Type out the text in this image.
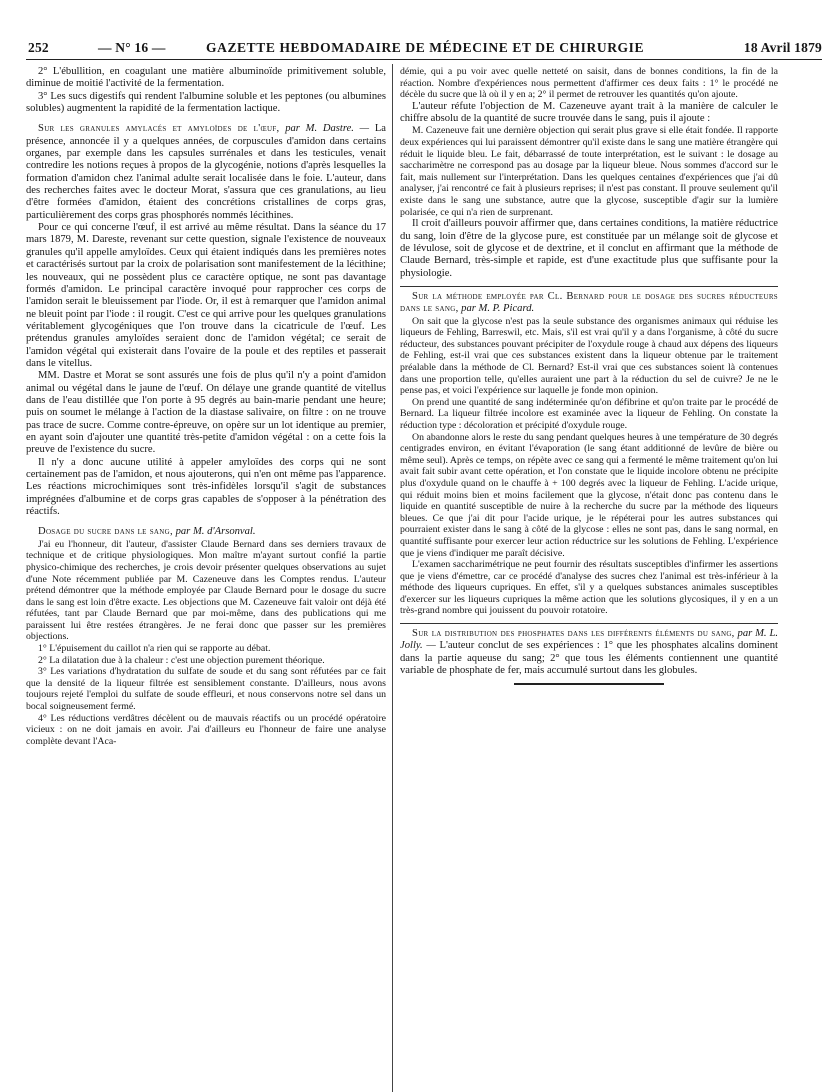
252	— N° 16 —	GAZETTE HEBDOMADAIRE DE MÉDECINE ET DE CHIRURGIE	18 Avril 1879

2° L'ébullition, en coagulant une matière albuminoïde primitivement soluble, diminue de moitié l'activité de la fermentation.

3° Les sucs digestifs qui rendent l'albumine soluble et les peptones (ou albumines solubles) augmentent la rapidité de la fermentation lactique.

Sur les granules amylacés et amyloïdes de l'œuf, par M. Dastre. — La présence, annoncée il y a quelques années, de corpuscules d'amidon dans certains organes, par exemple dans les capsules surrénales et dans les testicules, venait contredire les notions reçues à propos de la glycogénie, notions d'après lesquelles la formation d'amidon chez l'animal adulte serait localisée dans le foie. L'auteur, dans des recherches faites avec le docteur Morat, s'assura que ces granulations, au lieu d'être formées d'amidon, étaient des concrétions cristallines de corps gras, particulièrement des corps gras phosphorés nommés lécithines.

Pour ce qui concerne l'œuf, il est arrivé au même résultat. Dans la séance du 17 mars 1879, M. Dareste, revenant sur cette question, signale l'existence de nouveaux granules qu'il appelle amyloïdes. Ceux qui étaient indiqués dans les premières notes et caractérisés surtout par la croix de polarisation sont manifestement de la lécithine; les nouveaux, qui ne possèdent plus ce caractère optique, ne sont pas davantage formés d'amidon. Le principal caractère invoqué pour rapprocher ces corps de l'amidon serait le bleuissement par l'iode. Or, il est à remarquer que l'amidon animal ne bleuit point par l'iode : il rougit. C'est ce qui arrive pour les quelques granulations véritablement glycogéniques que l'on trouve dans la cicatricule de l'œuf. Les prétendus granules amyloïdes seraient donc de l'amidon végétal; ce serait de l'amidon végétal qui existerait dans l'ovaire de la poule et des reptiles et passerait dans le vitellus.

MM. Dastre et Morat se sont assurés une fois de plus qu'il n'y a point d'amidon animal ou végétal dans le jaune de l'œuf. On délaye une grande quantité de vitellus dans de l'eau distillée que l'on porte à 95 degrés au bain-marie pendant une heure; puis on soumet le mélange à l'action de la diastase salivaire, on filtre : on ne trouve pas trace de sucre. Comme contre-épreuve, on opère sur un lot identique au premier, en ayant soin d'ajouter une quantité très-petite d'amidon végétal : on a cette fois la preuve de l'existence du sucre.

Il n'y a donc aucune utilité à appeler amyloïdes des corps qui ne sont certainement pas de l'amidon, et nous ajouterons, qui n'en ont même pas l'apparence. Les réactions microchimiques sont très-infidèles lorsqu'il s'agit de substances imprégnées d'albumine et de corps gras capables de s'opposer à la pénétration des réactifs.

Dosage du sucre dans le sang, par M. d'Arsonval.

J'ai eu l'honneur, dit l'auteur, d'assister Claude Bernard dans ses derniers travaux de technique et de critique physiologiques. Mon maître m'ayant surtout confié la partie physico-chimique des recherches, je crois devoir présenter quelques observations au sujet d'une Note récemment publiée par M. Cazeneuve dans les Comptes rendus. L'auteur prétend démontrer que la méthode employée par Claude Bernard pour le dosage du sucre dans le sang est loin d'être exacte. Les objections que M. Cazeneuve fait valoir ont déjà été réfutées, tant par Claude Bernard que par moi-même, dans des publications qui me paraissent lui être restées étrangères. Je ne ferai donc que passer sur les premières objections.

1° L'épuisement du caillot n'a rien qui se rapporte au débat.

2° La dilatation due à la chaleur : c'est une objection purement théorique.

3° Les variations d'hydratation du sulfate de soude et du sang sont réfutées par ce fait que la densité de la liqueur filtrée est sensiblement constante. D'ailleurs, nous avons toujours rejeté l'emploi du sulfate de soude effleuri, et nous conservons notre sel dans un bocal soigneusement fermé.

4° Les réductions verdâtres décèlent ou de mauvais réactifs ou un procédé opératoire vicieux : on ne doit jamais en avoir. J'ai d'ailleurs eu l'honneur de faire une analyse complète devant l'Aca-

démie, qui a pu voir avec quelle netteté on saisit, dans de bonnes conditions, la fin de la réaction. Nombre d'expériences nous permettent d'affirmer ces deux faits : 1° le procédé ne décèle du sucre que là où il y en a; 2° il permet de retrouver les quantités qu'on ajoute.

L'auteur réfute l'objection de M. Cazeneuve ayant trait à la manière de calculer le chiffre absolu de la quantité de sucre trouvée dans le sang, puis il ajoute :

M. Cazeneuve fait une dernière objection qui serait plus grave si elle était fondée. Il rapporte deux expériences qui lui paraissent démontrer qu'il existe dans le sang une matière étrangère qui réduit le liquide bleu. Le fait, débarrassé de toute interprétation, est le suivant : le dosage au saccharimètre ne correspond pas au dosage par la liqueur bleue. Nous sommes d'accord sur le fait, mais nullement sur l'interprétation. Dans les quelques centaines d'expériences que j'ai dû analyser, j'ai rencontré ce fait à plusieurs reprises; il n'est pas constant. Il prouve seulement qu'il existe dans le sang une substance, autre que la glycose, susceptible d'agir sur la lumière polarisée, ce qui n'a rien de surprenant.

Il croit d'ailleurs pouvoir affirmer que, dans certaines conditions, la matière réductrice du sang, loin d'être de la glycose pure, est constituée par un mélange soit de glycose et de lévulose, soit de glycose et de dextrine, et il conclut en affirmant que la méthode de Claude Bernard, très-simple et rapide, est d'une exactitude plus que suffisante pour la physiologie.

Sur la méthode employée par Cl. Bernard pour le dosage des sucres réducteurs dans le sang, par M. P. Picard.

On sait que la glycose n'est pas la seule substance des organismes animaux qui réduise les liqueurs de Fehling, Barreswil, etc. Mais, s'il est vrai qu'il y a dans l'organisme, à côté du sucre réducteur, des substances pouvant précipiter de l'oxydule rouge à chaud aux dépens des liqueurs de Fehling, est-il vrai que ces substances existent dans la liqueur obtenue par le traitement préalable dans la méthode de Cl. Bernard? Est-il vrai que ces substances soient là contenues dans une proportion telle, qu'elles auraient une part à la réduction du sel de cuivre? Je ne le pense pas, et voici l'expérience sur laquelle je fonde mon opinion.

On prend une quantité de sang indéterminée qu'on défibrine et qu'on traite par le procédé de Bernard. La liqueur filtrée incolore est examinée avec la liqueur de Fehling. On constate la réduction type : décoloration et précipité d'oxydule rouge.

On abandonne alors le reste du sang pendant quelques heures à une température de 30 degrés centigrades environ, en évitant l'évaporation (le sang étant additionné de levûre de bière ou même seul). Après ce temps, on répète avec ce sang qui a fermenté le même traitement qu'on lui avait fait subir avant cette opération, et l'on constate que le liquide incolore obtenu ne précipite plus d'oxydule quand on le chauffe à + 100 degrés avec la liqueur de Fehling. L'acide urique, qui réduit moins bien et moins facilement que la glycose, n'était donc pas contenu dans le liquide en quantité susceptible de nuire à la recherche du sucre par la méthode des liqueurs bleues. Ce que j'ai dit pour l'acide urique, je le répéterai pour les autres substances qui pourraient exister dans le sang à côté de la glycose : elles ne sont pas, dans le sang normal, en quantité suffisante pour exercer leur action réductrice sur les solutions de Fehling. L'expérience que je viens d'indiquer me paraît décisive.

L'examen saccharimétrique ne peut fournir des résultats susceptibles d'infirmer les assertions que je viens d'émettre, car ce procédé d'analyse des sucres chez l'animal est très-inférieur à la méthode des liqueurs cupriques. En effet, s'il y a quelques substances animales susceptibles d'exercer sur les liqueurs cupriques la même action que les solutions glycosiques, il y en a un très-grand nombre qui jouissent du pouvoir rotatoire.

Sur la distribution des phosphates dans les différents éléments du sang, par M. L. Jolly. — L'auteur conclut de ses expériences : 1° que les phosphates alcalins dominent dans la partie aqueuse du sang; 2° que tous les éléments contiennent une quantité variable de phosphate de fer, mais accumulé surtout dans les globules.
